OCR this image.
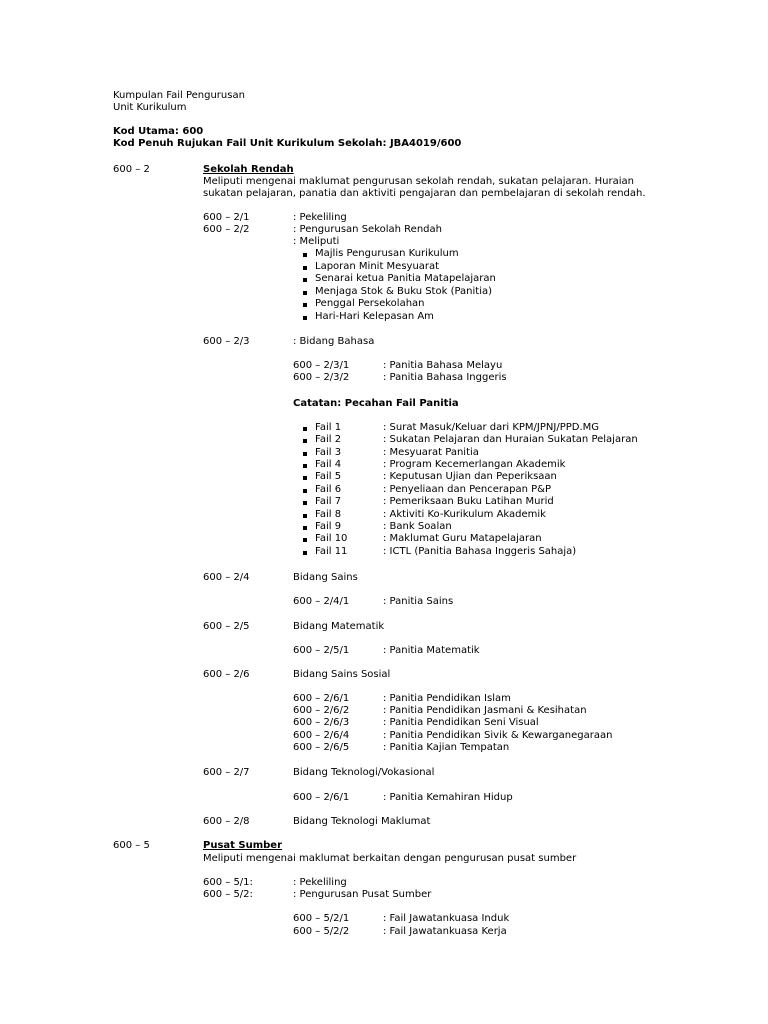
Kumpulan Fail Pengurusan
Unit Kurikulum
Kod Utama: 600
Kod Penuh Rujukan Fail Unit Kurikulum Sekolah: JBA4019/600
600 – 2	Sekolah Rendah
Meliputi mengenai maklumat pengurusan sekolah rendah, sukatan pelajaran. Huraian sukatan pelajaran, panatia dan aktiviti pengajaran dan pembelajaran di sekolah rendah.
600 – 2/1	: Pekeliling
600 – 2/2	: Pengurusan Sekolah Rendah
: Meliputi
Majlis Pengurusan Kurikulum
Laporan Minit Mesyuarat
Senarai ketua Panitia Matapelajaran
Menjaga Stok & Buku Stok (Panitia)
Penggal Persekolahan
Hari-Hari Kelepasan Am
600 – 2/3	: Bidang Bahasa
600 – 2/3/1	: Panitia Bahasa Melayu
600 – 2/3/2	: Panitia Bahasa Inggeris
Catatan: Pecahan Fail Panitia
Fail 1	: Surat Masuk/Keluar dari KPM/JPNJ/PPD.MG
Fail 2	: Sukatan Pelajaran dan Huraian Sukatan Pelajaran
Fail 3	: Mesyuarat Panitia
Fail 4	: Program Kecemerlangan Akademik
Fail 5	: Keputusan Ujian dan Peperiksaan
Fail 6	: Penyeliaan dan Pencerapan P&P
Fail 7	: Pemeriksaan Buku Latihan Murid
Fail 8	: Aktiviti Ko-Kurikulum Akademik
Fail 9	: Bank Soalan
Fail 10	: Maklumat Guru Matapelajaran
Fail 11	: ICTL (Panitia Bahasa Inggeris Sahaja)
600 – 2/4	Bidang Sains
600 – 2/4/1	: Panitia Sains
600 – 2/5	Bidang Matematik
600 – 2/5/1	: Panitia Matematik
600 – 2/6	Bidang Sains Sosial
600 – 2/6/1	: Panitia Pendidikan Islam
600 – 2/6/2	: Panitia Pendidikan Jasmani & Kesihatan
600 – 2/6/3	: Panitia Pendidikan Seni Visual
600 – 2/6/4	: Panitia Pendidikan Sivik & Kewarganegaraan
600 – 2/6/5	: Panitia Kajian Tempatan
600 – 2/7	Bidang Teknologi/Vokasional
600 – 2/6/1	: Panitia Kemahiran Hidup
600 – 2/8	Bidang Teknologi Maklumat
600 – 5	Pusat Sumber
Meliputi mengenai maklumat berkaitan dengan pengurusan pusat sumber
600 – 5/1:	: Pekeliling
600 – 5/2:	: Pengurusan Pusat Sumber
600 – 5/2/1	: Fail Jawatankuasa Induk
600 – 5/2/2	: Fail Jawatankuasa Kerja
